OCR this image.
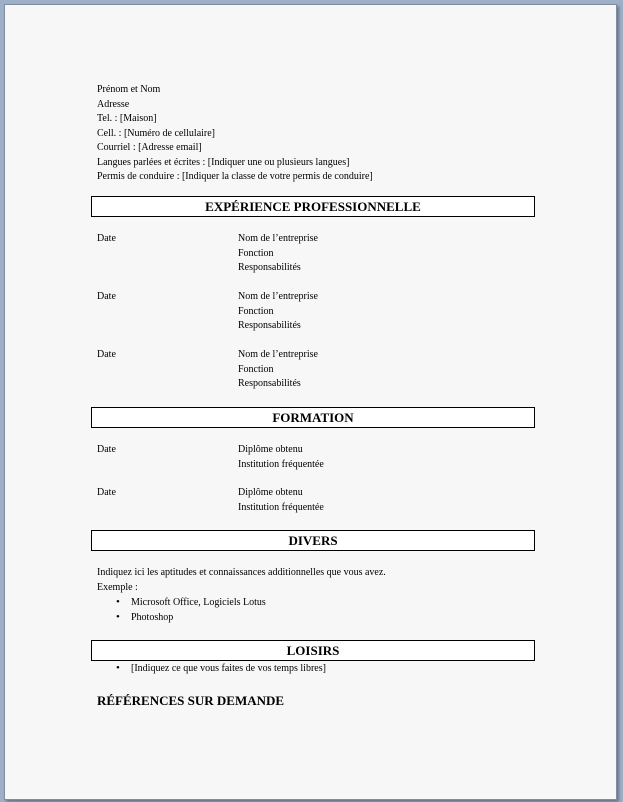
Prénom et Nom
Adresse
Tel. : [Maison]
Cell. : [Numéro de cellulaire]
Courriel : [Adresse email]
Langues parlées et écrites : [Indiquer une ou plusieurs langues]
Permis de conduire : [Indiquer la classe de votre permis de conduire]
EXPÉRIENCE PROFESSIONNELLE
Date	Nom de l’entreprise
Fonction
Responsabilités
Date	Nom de l’entreprise
Fonction
Responsabilités
Date	Nom de l’entreprise
Fonction
Responsabilités
FORMATION
Date	Diplôme obtenu
Institution fréquentée
Date	Diplôme obtenu
Institution fréquentée
DIVERS
Indiquez ici les aptitudes et connaissances additionnelles que vous avez.
Exemple :
• Microsoft Office, Logiciels Lotus
• Photoshop
LOISIRS
• [Indiquez ce que vous faites de vos temps libres]
RÉFÉRENCES SUR DEMANDE
